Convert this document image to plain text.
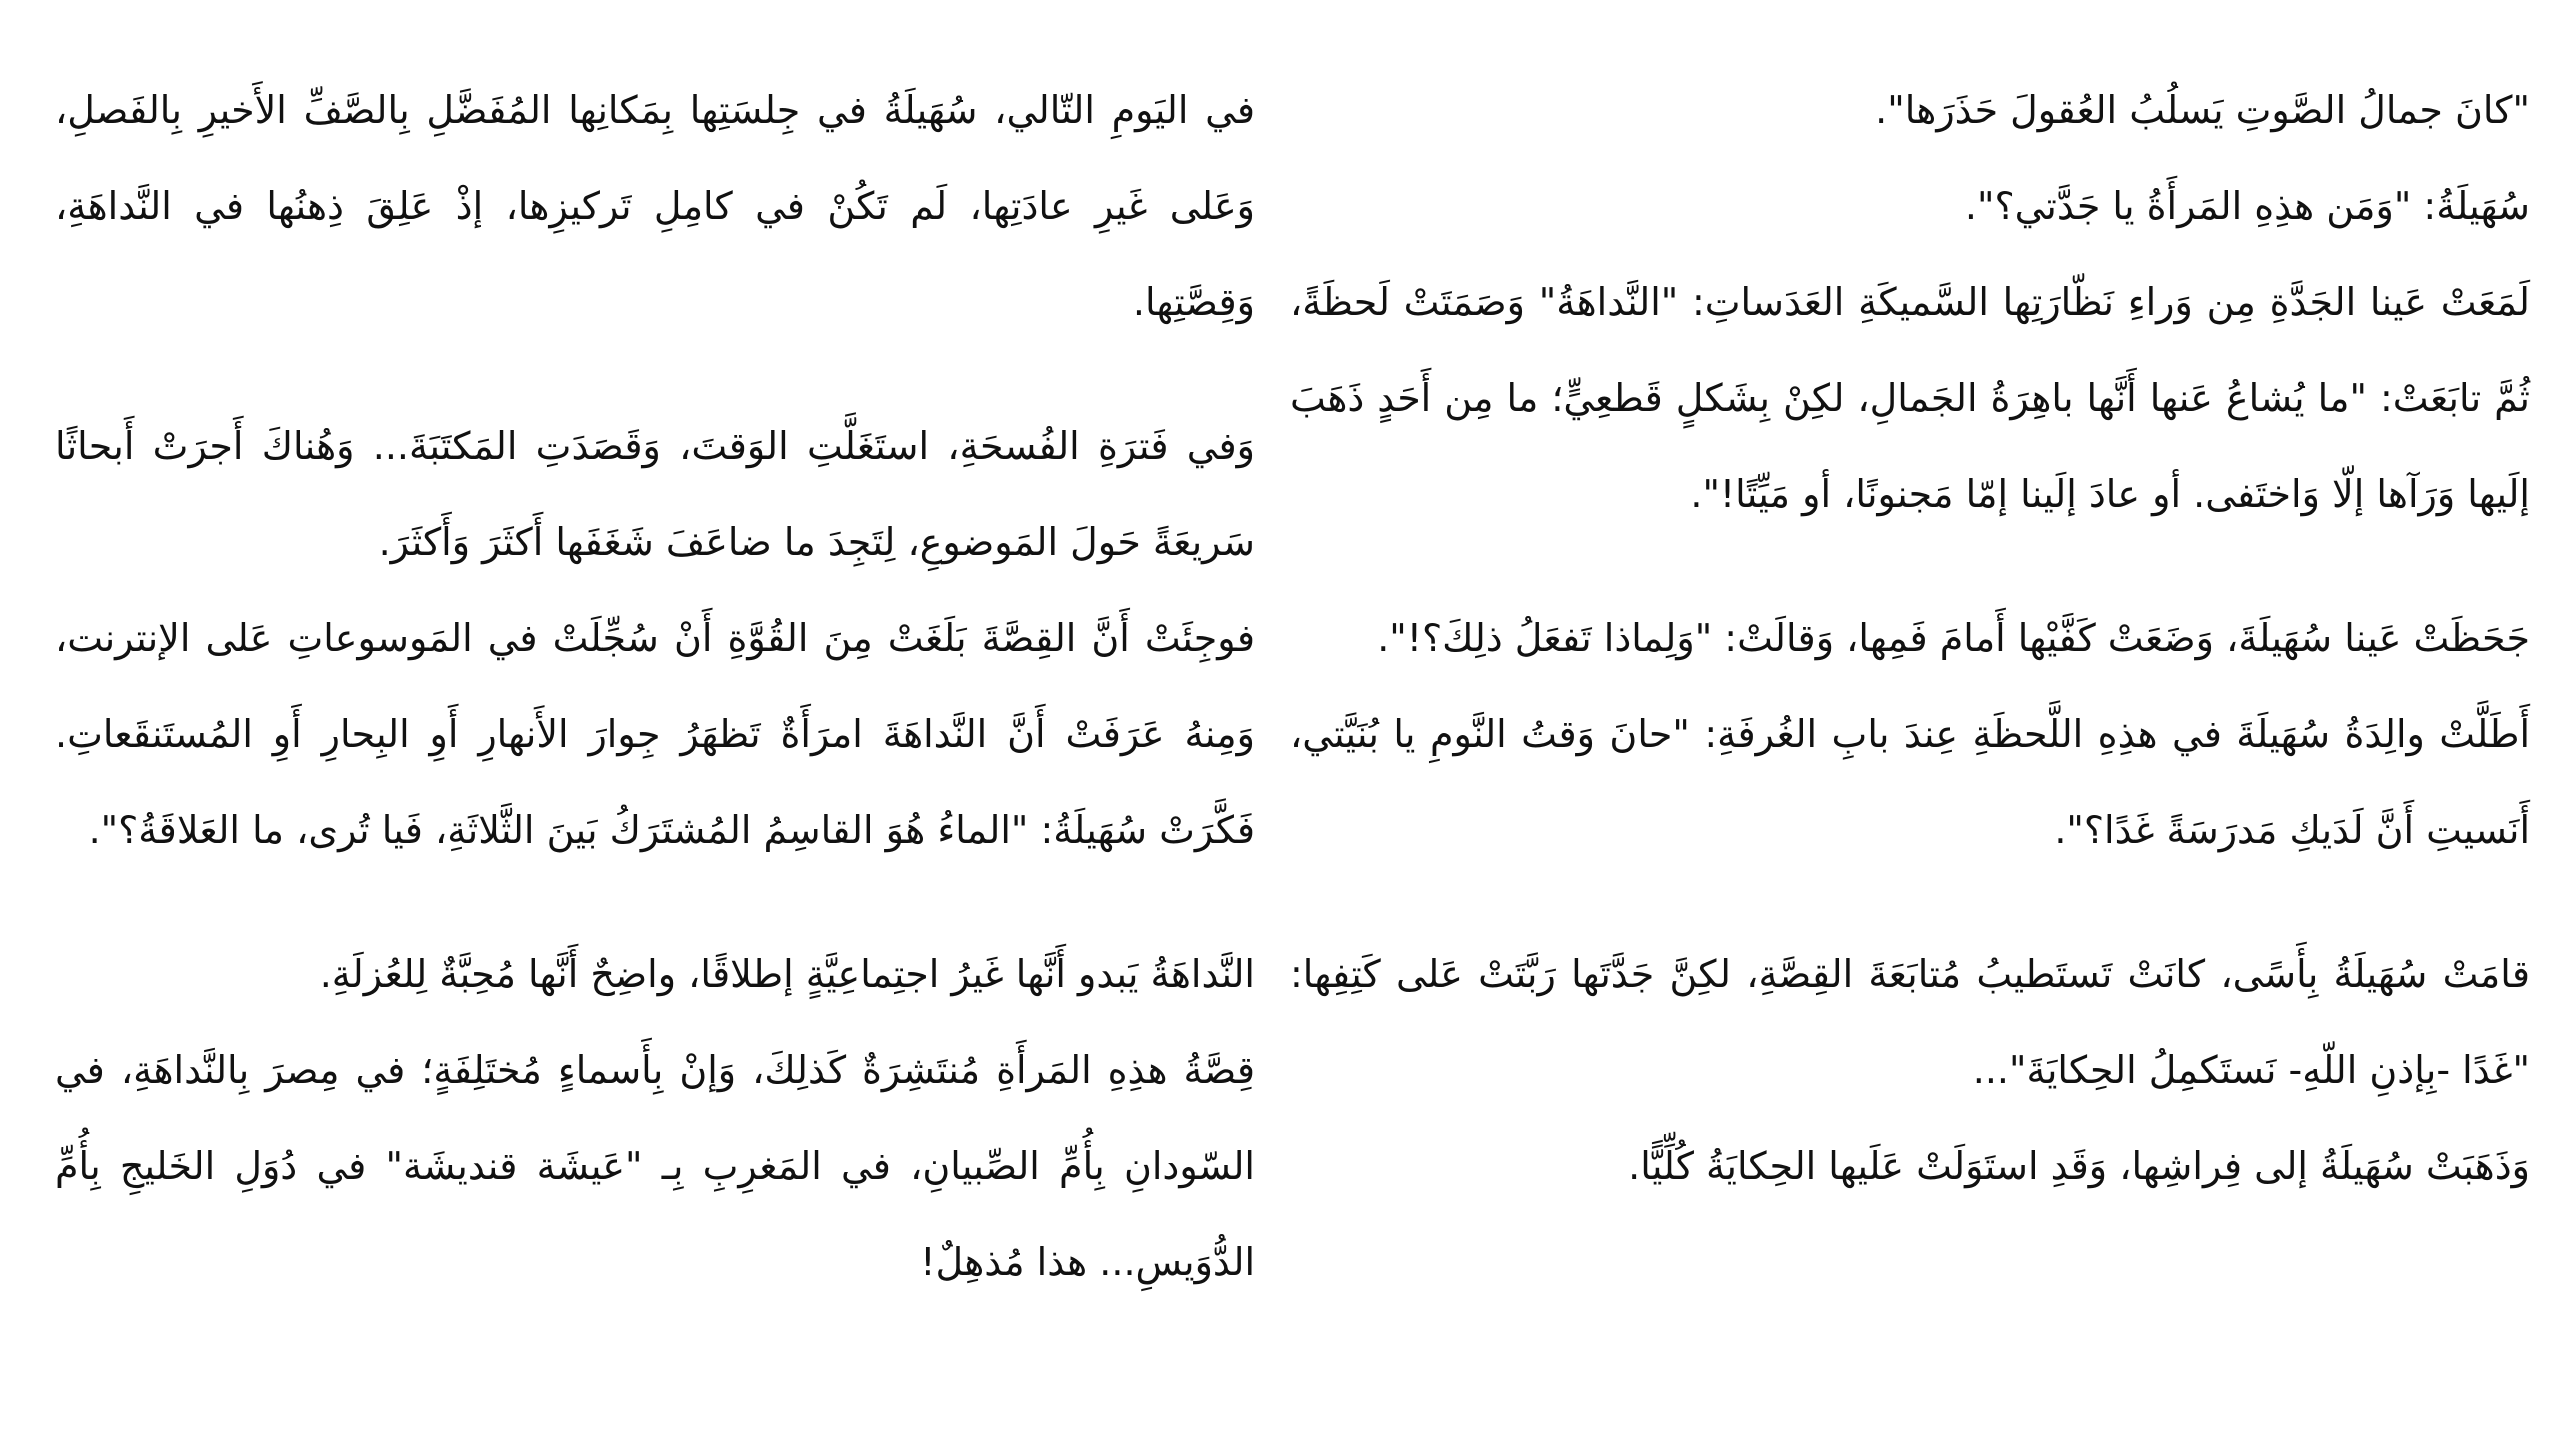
"كانَ جمالُ الصَّوتِ يَسلُبُ العُقولَ حَذَرَها".

سُهَيلَةُ: "وَمَن هذِهِ المَرأَةُ يا جَدَّتي؟".

لَمَعَتْ عَينا الجَدَّةِ مِن وَراءِ نَظّارَتِها السَّميكَةِ العَدَساتِ: "النَّداهَةُ" وَصَمَتَتْ لَحظَةً، ثُمَّ تابَعَتْ: "ما يُشاعُ عَنها أَنَّها باهِرَةُ الجَمالِ، لكِنْ بِشَكلٍ قَطعِيٍّ؛ ما مِن أَحَدٍ ذَهَبَ إلَيها وَرَآها إلّا وَاختَفى. أو عادَ إلَينا إمّا مَجنونًا، أو مَيِّتًا!".

جَحَظَتْ عَينا سُهَيلَةَ، وَضَعَتْ كَفَّيْها أَمامَ فَمِها، وَقالَتْ: "وَلِماذا تَفعَلُ ذلِكَ؟!".

أَطَلَّتْ والِدَةُ سُهَيلَةَ في هذِهِ اللَّحظَةِ عِندَ بابِ الغُرفَةِ: "حانَ وَقتُ النَّومِ يا بُنَيَّتي، أَنَسيتِ أَنَّ لَدَيكِ مَدرَسَةً غَدًا؟".

قامَتْ سُهَيلَةُ بِأَسًى، كانَتْ تَستَطيبُ مُتابَعَةَ القِصَّةِ، لكِنَّ جَدَّتَها رَبَّتَتْ عَلى كَتِفِها: "غَدًا -بِإذنِ اللّهِ- نَستَكمِلُ الحِكايَةَ"...

وَذَهَبَتْ سُهَيلَةُ إلى فِراشِها، وَقَدِ استَوَلَتْ عَلَيها الحِكايَةُ كُلِّيًّا.

في اليَومِ التّالي، سُهَيلَةُ في جِلسَتِها بِمَكانِها المُفَضَّلِ بِالصَّفِّ الأَخيرِ بِالفَصلِ، وَعَلى غَيرِ عادَتِها، لَم تَكُنْ في كامِلِ تَركيزِها، إذْ عَلِقَ ذِهنُها في النَّداهَةِ، وَقِصَّتِها.

وَفي فَترَةِ الفُسحَةِ، استَغَلَّتِ الوَقتَ، وَقَصَدَتِ المَكتَبَةَ... وَهُناكَ أَجرَتْ أَبحاثًا سَريعَةً حَولَ المَوضوعِ، لِتَجِدَ ما ضاعَفَ شَغَفَها أَكثَرَ وَأَكثَرَ.

فوجِئَتْ أَنَّ القِصَّةَ بَلَغَتْ مِنَ القُوَّةِ أَنْ سُجِّلَتْ في المَوسوعاتِ عَلى الإنترنت، وَمِنهُ عَرَفَتْ أَنَّ النَّداهَةَ امرَأَةٌ تَظهَرُ جِوارَ الأَنهارِ أَوِ البِحارِ أَوِ المُستَنقَعاتِ. فَكَّرَتْ سُهَيلَةُ: "الماءُ هُوَ القاسِمُ المُشتَرَكُ بَينَ الثَّلاثَةِ، فَيا تُرى، ما العَلاقَةُ؟".

النَّداهَةُ يَبدو أَنَّها غَيرُ اجتِماعِيَّةٍ إطلاقًا، واضِحٌ أَنَّها مُحِبَّةٌ لِلعُزلَةِ.

قِصَّةُ هذِهِ المَرأَةِ مُنتَشِرَةٌ كَذلِكَ، وَإنْ بِأَسماءٍ مُختَلِفَةٍ؛ في مِصرَ بِالنَّداهَةِ، في السّودانِ بِأُمِّ الصِّبيانِ، في المَغرِبِ بِـ "عَيشَة قنديشَة" في دُوَلِ الخَليجِ بِأُمِّ الدُّوَيسِ... هذا مُذهِلٌ!
